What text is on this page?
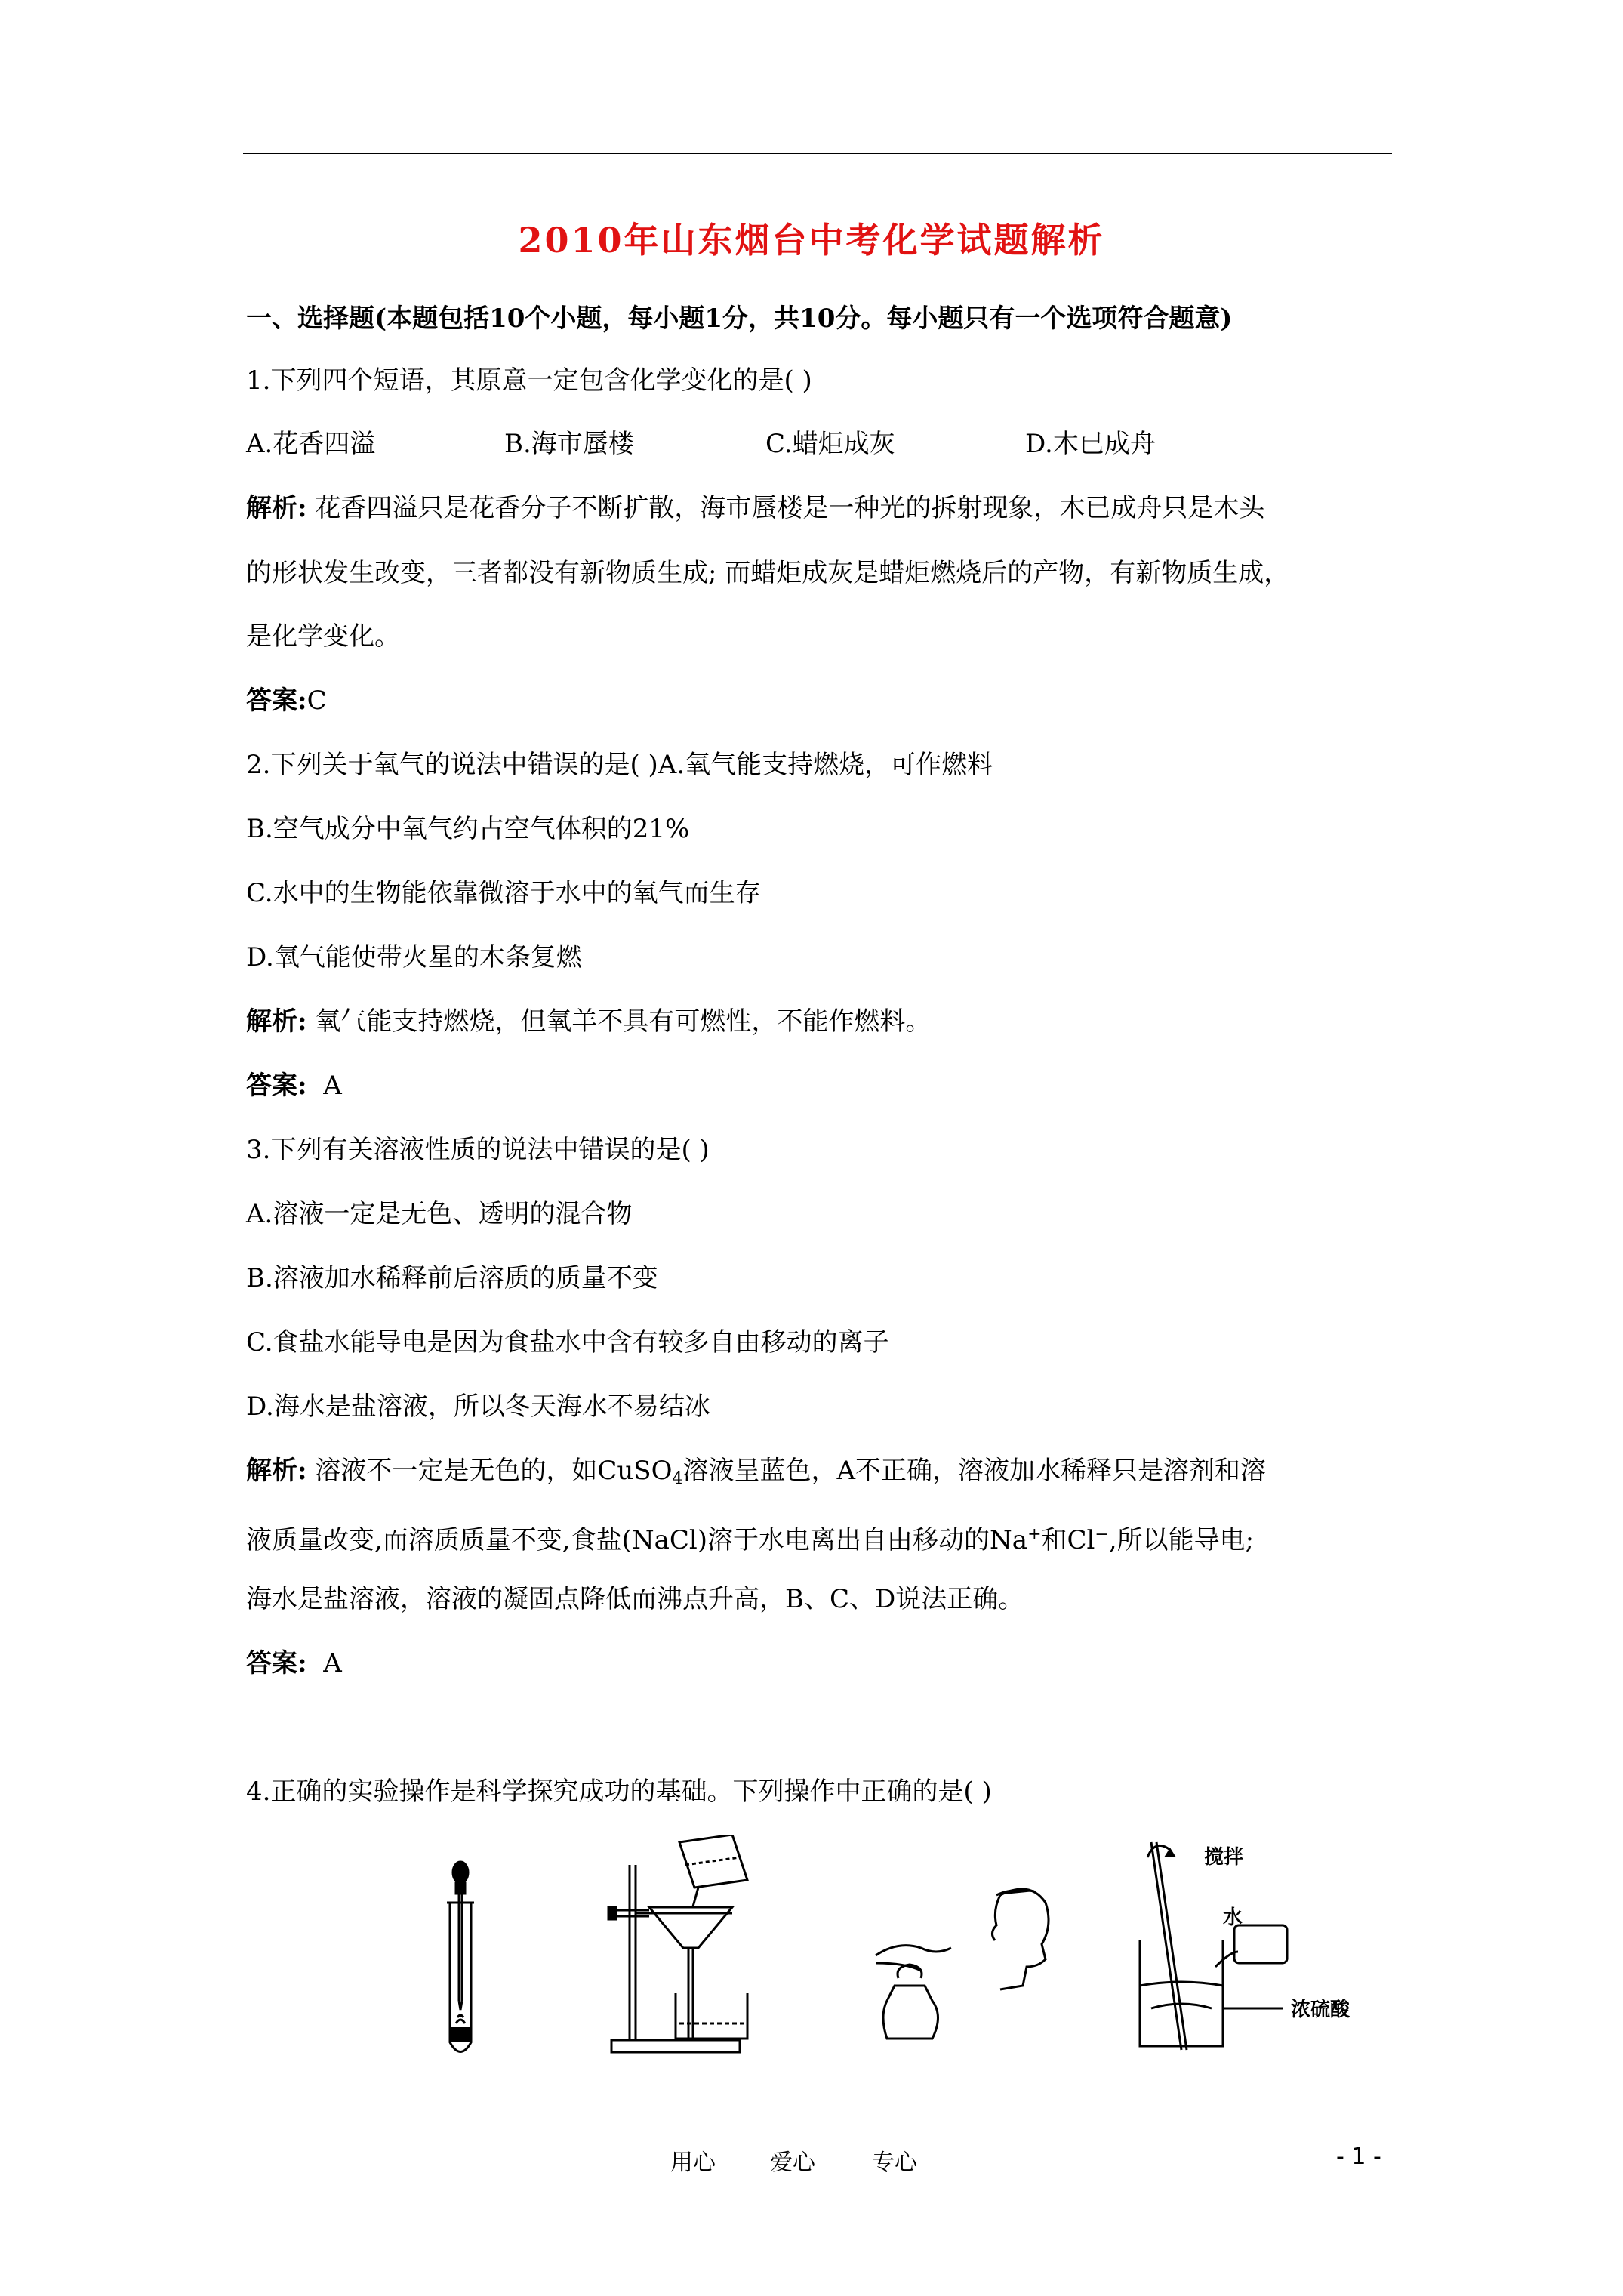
2010年山东烟台中考化学试题解析
一、选择题(本题包括10个小题，每小题1分，共10分。每小题只有一个选项符合题意)
1.下列四个短语，其原意一定包含化学变化的是( )
A.花香四溢	B.海市蜃楼	C.蜡炬成灰	D.木已成舟
解析: 花香四溢只是花香分子不断扩散，海市蜃楼是一种光的拆射现象，木已成舟只是木头
的形状发生改变，三者都没有新物质生成; 而蜡炬成灰是蜡炬燃烧后的产物，有新物质生成，
是化学变化。
答案:C
2.下列关于氧气的说法中错误的是( )A.氧气能支持燃烧，可作燃料
B.空气成分中氧气约占空气体积的21%
C.水中的生物能依靠微溶于水中的氧气而生存
D.氧气能使带火星的木条复燃
解析: 氧气能支持燃烧，但氧羊不具有可燃性，不能作燃料。
答案: A
3.下列有关溶液性质的说法中错误的是( )
A.溶液一定是无色、透明的混合物
B.溶液加水稀释前后溶质的质量不变
C.食盐水能导电是因为食盐水中含有较多自由移动的离子
D.海水是盐溶液，所以冬天海水不易结冰
解析: 溶液不一定是无色的，如CuSO$_4$溶液呈蓝色，A不正确，溶液加水稀释只是溶剂和溶
液质量改变,而溶质质量不变,食盐(NaCl)溶于水电离出自由移动的Na+和Cl−,所以能导电;
海水是盐溶液，溶液的凝固点降低而沸点升高，B、C、D说法正确。
答案: A
4.正确的实验操作是科学探究成功的基础。下列操作中正确的是( )
搅拌
水
浓硫酸
用心 爱心	专心	- 1 -
